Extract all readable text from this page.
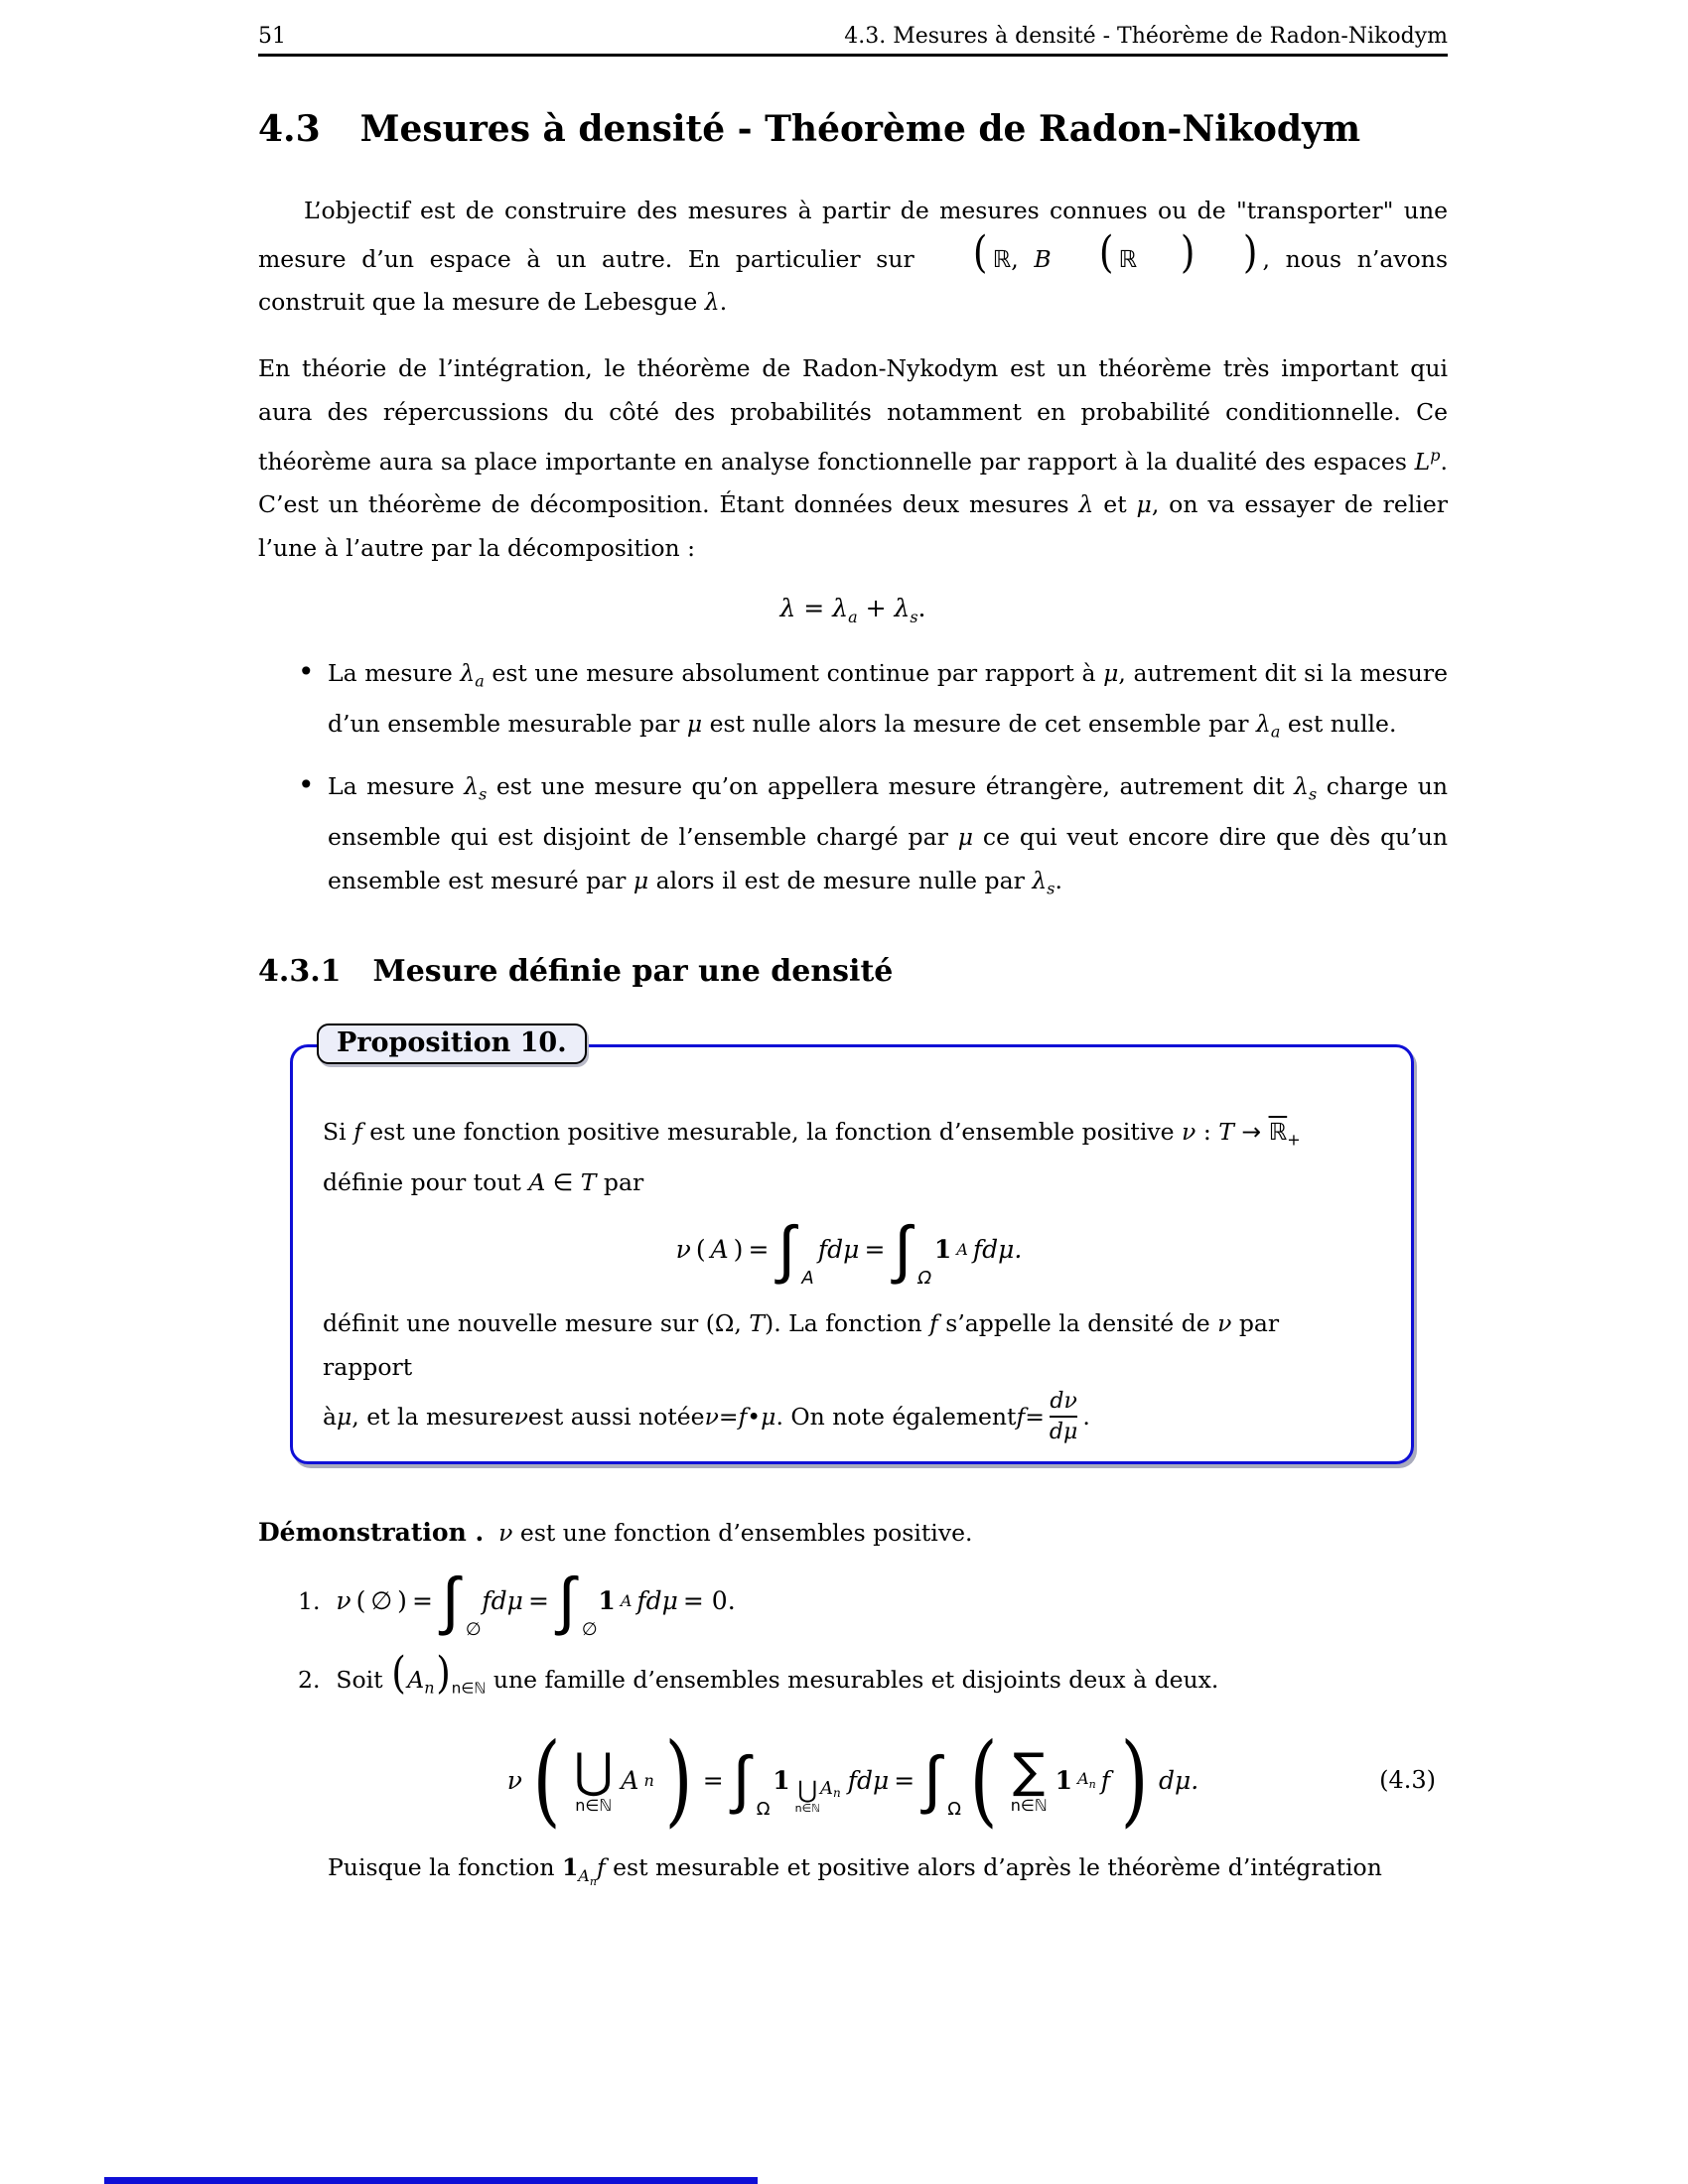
51	4.3. Mesures à densité - Théorème de Radon-Nikodym
4.3 Mesures à densité - Théorème de Radon-Nikodym

L’objectif est de construire des mesures à partir de mesures connues ou de "transporter" une mesure d’un espace à un autre. En particulier sur ( ℝ, B  ( ℝ ) ) , nous n’avons construit que la mesure de Lebesgue λ.

En théorie de l’intégration, le théorème de Radon-Nykodym est un théorème très important qui aura des répercussions du côté des probabilités notamment en probabilité conditionnelle. Ce théorème aura sa place importante en analyse fonctionnelle par rapport à la dualité des espaces $L^p$. C’est un théorème de décomposition. Étant données deux mesures λ et μ, on va essayer de relier l’une à l’autre par la décomposition :

$\lambda = \lambda_a + \lambda_s$.
• La mesure $\lambda_a$ est une mesure absolument continue par rapport à μ, autrement dit si la mesure d’un ensemble mesurable par μ est nulle alors la mesure de cet ensemble par $\lambda_a$ est nulle.
• La mesure $\lambda_s$ est une mesure qu’on appellera mesure étrangère, autrement dit $\lambda_s$ charge un ensemble qui est disjoint de l’ensemble chargé par μ ce qui veut encore dire que dès qu’un ensemble est mesuré par μ alors il est de mesure nulle par $\lambda_s$.
4.3.1 Mesure définie par une densité
Proposition 10.
Si f est une fonction positive mesurable, la fonction d’ensemble positive ν : T → ℝ$_+$
définie pour tout A ∈ T par
ν ( A ) = ∫ A
fdμ = ∫ Ω
1 A fdμ.
définit une nouvelle mesure sur (Ω, T). La fonction f s’appelle la densité de ν par rapport
à μ , et la mesure ν est aussi notée ν = f • μ . On note également $f = \frac{d\nu}{d\mu}$ .
Démonstration . ν est une fonction d’ensembles positive.
1. ν ( ∅ ) = ∫ ∅
fdμ = ∫ ∅
1 A fdμ = 0.
2. Soit $(A_n)_{n\in ℕ}$ une famille d’ensembles mesurables et disjoints deux à deux.
ν ( ⋃
n∈ℕ
A n ) = ∫ Ω
1 ⋃
n∈ℕ
A n fdμ = ∫ Ω ( ∑
n∈ℕ
1 $A_n$ f ) dμ.	(4.3)
Puisque la fonction $1_{A_n}f$ est mesurable et positive alors d’après le théorème d’intégration
